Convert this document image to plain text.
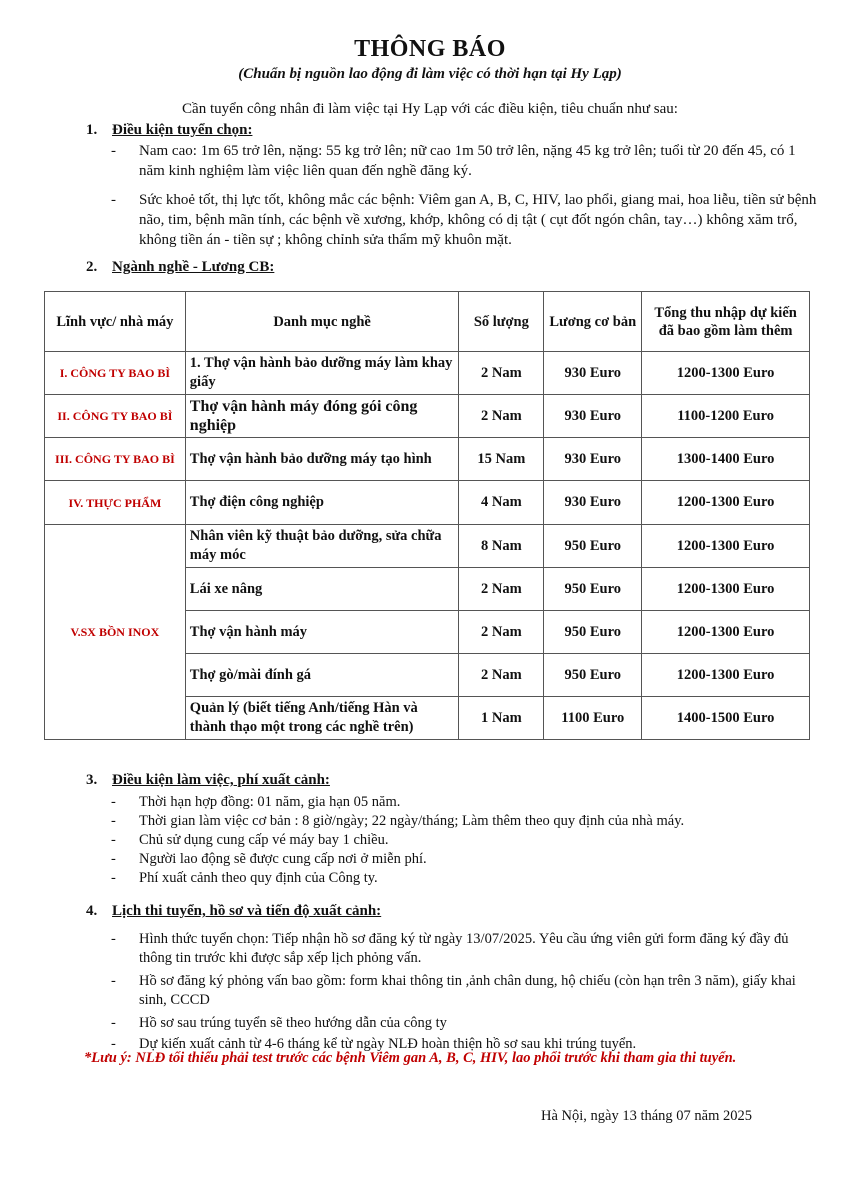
THÔNG BÁO
(Chuẩn bị nguồn lao động đi làm việc có thời hạn tại Hy Lạp)
Cần tuyển công nhân đi làm việc tại Hy Lạp với các điều kiện, tiêu chuẩn như sau:
1. Điều kiện tuyển chọn:
- Nam cao: 1m 65 trở lên, nặng: 55 kg trở lên; nữ cao 1m 50 trở lên, nặng 45 kg trở lên; tuổi từ 20 đến 45, có 1 năm kinh nghiệm làm việc liên quan đến nghề đăng ký.
- Sức khoẻ tốt, thị lực tốt, không mắc các bệnh: Viêm gan A, B, C, HIV, lao phổi, giang mai, hoa liễu, tiền sử bệnh não, tim, bệnh mãn tính, các bệnh về xương, khớp, không có dị tật ( cụt đốt ngón chân, tay…) không xăm trổ, không tiền án - tiền sự ; không chỉnh sửa thẩm mỹ khuôn mặt.
2. Ngành nghề - Lương CB:
Lĩnh vực/ nhà máy	Danh mục nghề	Số lượng	Lương cơ bản	Tổng thu nhập dự kiến đã bao gồm làm thêm
I. CÔNG TY BAO BÌ	1. Thợ vận hành bảo dưỡng máy làm khay giấy	2 Nam	930 Euro	1200-1300 Euro
II. CÔNG TY BAO BÌ	Thợ vận hành máy đóng gói công nghiệp	2 Nam	930 Euro	1100-1200 Euro
III. CÔNG TY BAO BÌ	Thợ vận hành bảo dưỡng máy tạo hình	15 Nam	930 Euro	1300-1400 Euro
IV. THỰC PHẨM	Thợ điện công nghiệp	4 Nam	930 Euro	1200-1300 Euro
V.SX BỒN INOX	Nhân viên kỹ thuật bảo dưỡng, sửa chữa máy móc	8 Nam	950 Euro	1200-1300 Euro
	Lái xe nâng	2 Nam	950 Euro	1200-1300 Euro
	Thợ vận hành máy	2 Nam	950 Euro	1200-1300 Euro
	Thợ gò/mài đính gá	2 Nam	950 Euro	1200-1300 Euro
	Quản lý (biết tiếng Anh/tiếng Hàn và thành thạo một trong các nghề trên)	1 Nam	1100 Euro	1400-1500 Euro
3. Điều kiện làm việc, phí xuất cảnh:
- Thời hạn hợp đồng: 01 năm, gia hạn 05 năm.
- Thời gian làm việc cơ bản : 8 giờ/ngày; 22 ngày/tháng; Làm thêm theo quy định của nhà máy.
- Chủ sử dụng cung cấp vé máy bay 1 chiều.
- Người lao động sẽ được cung cấp nơi ở miễn phí.
- Phí xuất cảnh theo quy định của Công ty.
4. Lịch thi tuyển, hồ sơ và tiến độ xuất cảnh:
- Hình thức tuyển chọn: Tiếp nhận hồ sơ đăng ký từ ngày 13/07/2025. Yêu cầu ứng viên gửi form đăng ký đầy đủ thông tin trước khi được sắp xếp lịch phỏng vấn.
- Hồ sơ đăng ký phỏng vấn bao gồm: form khai thông tin ,ảnh chân dung, hộ chiếu (còn hạn trên 3 năm), giấy khai sinh, CCCD
- Hồ sơ sau trúng tuyển sẽ theo hướng dẫn của công ty
- Dự kiến xuất cảnh từ 4-6 tháng kể từ ngày NLĐ hoàn thiện hồ sơ sau khi trúng tuyển.
*Lưu ý: NLĐ tối thiểu phải test trước các bệnh Viêm gan A, B, C, HIV, lao phổi trước khi tham gia thi tuyển.
Hà Nội, ngày 13 tháng 07 năm 2025
